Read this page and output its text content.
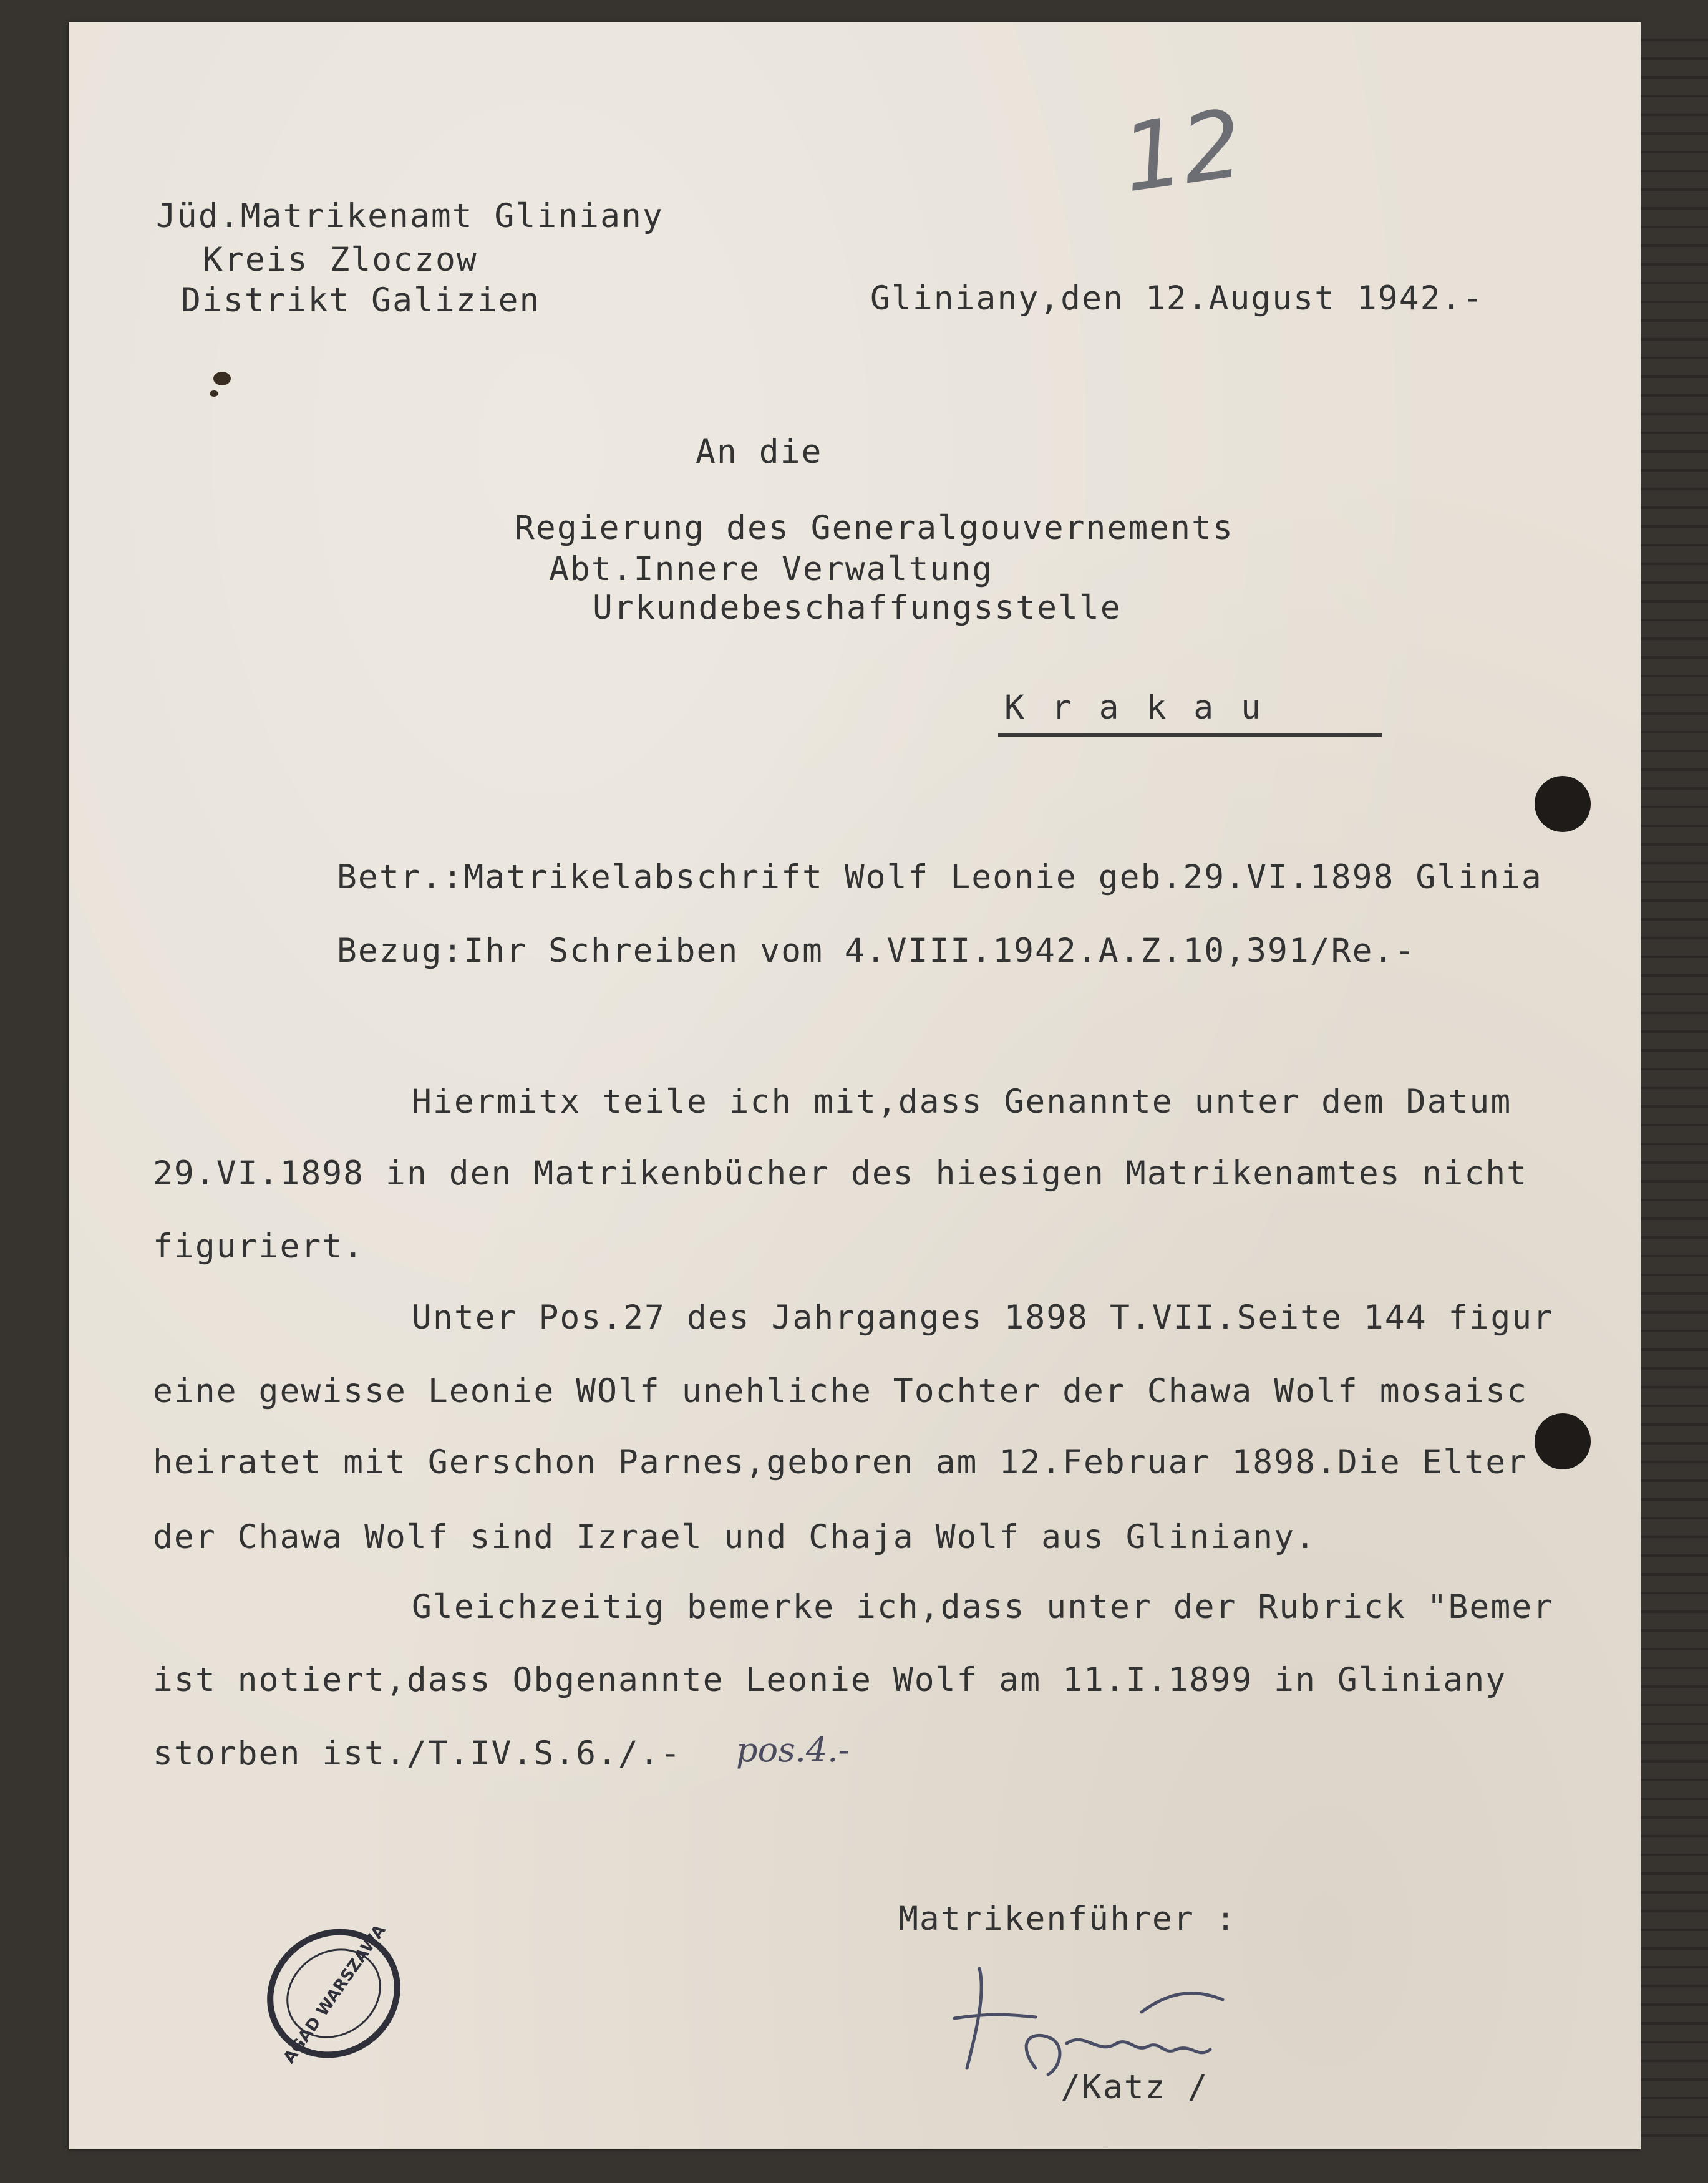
12
Jüd.Matrikenamt Gliniany
Kreis Zloczow
Distrikt Galizien	Gliniany,den 12.August 1942.-
An die
Regierung des Generalgouvernements
Abt.Innere Verwaltung
Urkundebeschaffungsstelle
K r a k a u
Betr.:Matrikelabschrift Wolf Leonie geb.29.VI.1898 Glinia
Bezug:Ihr Schreiben vom 4.VIII.1942.A.Z.10,391/Re.-
Hiermitx teile ich mit,dass Genannte unter dem Datum
29.VI.1898 in den Matrikenbücher des hiesigen Matrikenamtes nicht
figuriert.
Unter Pos.27 des Jahrganges 1898 T.VII.Seite 144 figur
eine gewisse Leonie WOlf unehliche Tochter der Chawa Wolf mosaisc
heiratet mit Gerschon Parnes,geboren am 12.Februar 1898.Die Elter
der Chawa Wolf sind Izrael und Chaja Wolf aus Gliniany.
Gleichzeitig bemerke ich,dass unter der Rubrick "Bemer
ist notiert,dass Obgenannte Leonie Wolf am 11.I.1899 in Gliniany
storben ist./T.IV.S.6./.- pos.4.-
Matrikenführer :
/Katz /
AGAD WARSZAWA
